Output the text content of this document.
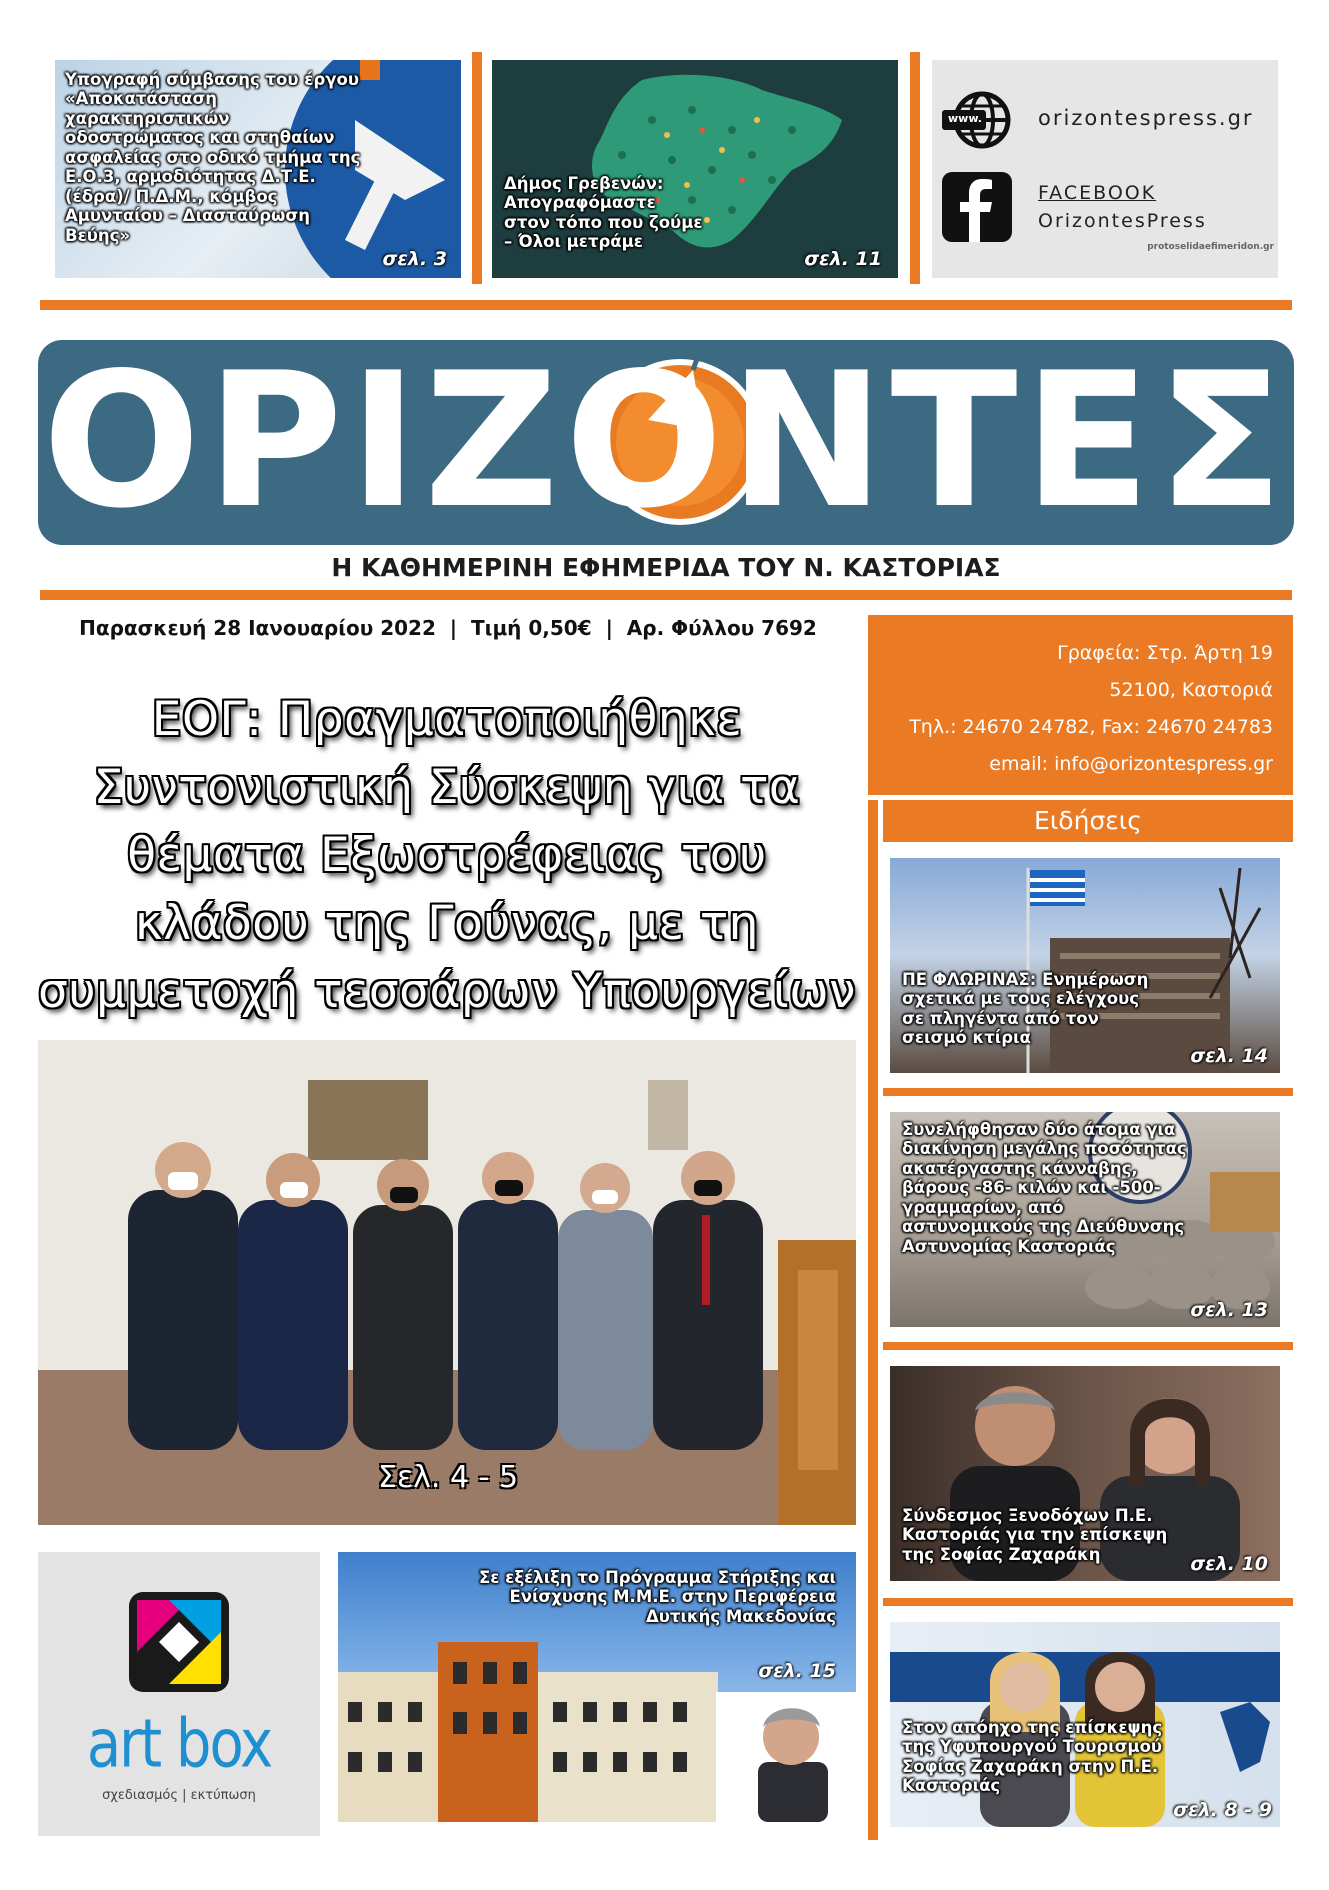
Υπογραφή σύμβασης του έργου «Αποκατάσταση χαρακτηριστικών οδοστρώματος και στηθαίων ασφαλείας στο οδικό τμήμα της Ε.Ο.3, αρμοδιότητας Δ.Τ.Ε. (έδρα)/ Π.Δ.Μ., κόμβος Αμυνταίου – Διασταύρωση Βεύης»
σελ. 3
Δήμος Γρεβενών: Απογραφόμαστε στον τόπο που ζούμε – Όλοι μετράμε
σελ. 11
www.	orizontespress.gr
FACEBOOK
OrizontesPress
protoselidaefimeridon.gr
ΟΡΙΖΟΝΤΕΣ
Η ΚΑΘΗΜΕΡΙΝΗ ΕΦΗΜΕΡΙΔΑ ΤΟΥ Ν. ΚΑΣΤΟΡΙΑΣ
Παρασκευή 28 Ιανουαρίου 2022  |  Τιμή 0,50€  |  Αρ. Φύλλου 7692
Γραφεία: Στρ. Άρτη 19
52100, Καστοριά
Τηλ.: 24670 24782, Fax: 24670 24783
email: info@orizontespress.gr
ΕΟΓ: Πραγματοποιήθηκε Συντονιστική Σύσκεψη για τα θέματα Εξωστρέφειας του κλάδου της Γούνας, με τη συμμετοχή τεσσάρων Υπουργείων
Σελ. 4 - 5
Ειδήσεις
ΠΕ ΦΛΩΡΙΝΑΣ: Ενημέρωση σχετικά με τους ελέγχους σε πληγέντα από τον σεισμό κτίρια
σελ. 14
Συνελήφθησαν δύο άτομα για διακίνηση μεγάλης ποσότητας ακατέργαστης κάνναβης, βάρους -86- κιλών και -500- γραμμαρίων, από αστυνομικούς της Διεύθυνσης Αστυνομίας Καστοριάς
σελ. 13
Σύνδεσμος Ξενοδόχων Π.Ε. Καστοριάς για την επίσκεψη της Σοφίας Ζαχαράκη	σελ. 10
Στον απόηχο της επίσκεψης της Υφυπουργού Τουρισμού Σοφίας Ζαχαράκη στην Π.Ε. Καστοριάς
σελ. 8 - 9
art box
σχεδιασμός | εκτύπωση
Σε εξέλιξη το Πρόγραμμα Στήριξης και Ενίσχυσης Μ.Μ.Ε. στην Περιφέρεια Δυτικής Μακεδονίας
σελ. 15
